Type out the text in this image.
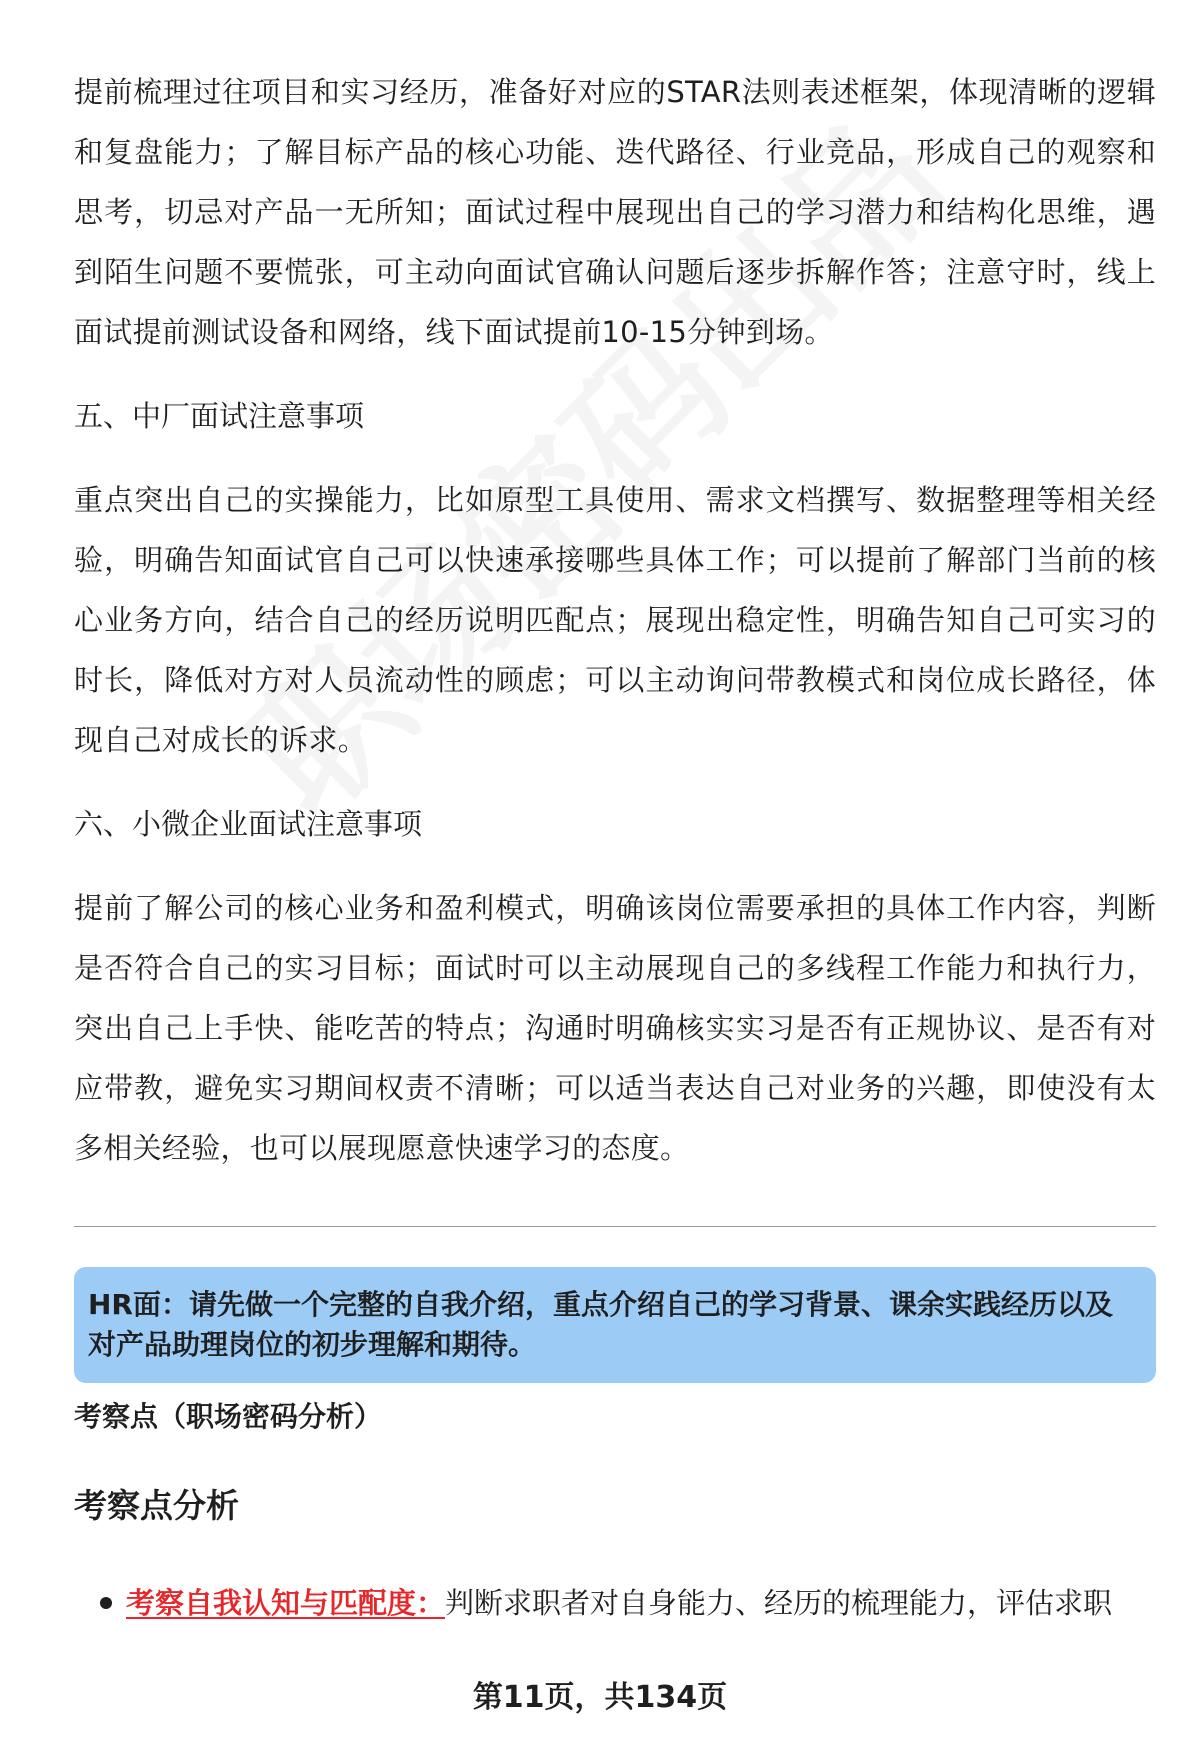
提前梳理过往项目和实习经历，准备好对应的STAR法则表述框架，体现清晰的逻辑和复盘能力；了解目标产品的核心功能、迭代路径、行业竞品，形成自己的观察和思考，切忌对产品一无所知；面试过程中展现出自己的学习潜力和结构化思维，遇到陌生问题不要慌张，可主动向面试官确认问题后逐步拆解作答；注意守时，线上面试提前测试设备和网络，线下面试提前10-15分钟到场。

五、中厂面试注意事项

重点突出自己的实操能力，比如原型工具使用、需求文档撰写、数据整理等相关经验，明确告知面试官自己可以快速承接哪些具体工作；可以提前了解部门当前的核心业务方向，结合自己的经历说明匹配点；展现出稳定性，明确告知自己可实习的时长，降低对方对人员流动性的顾虑；可以主动询问带教模式和岗位成长路径，体现自己对成长的诉求。

六、小微企业面试注意事项

提前了解公司的核心业务和盈利模式，明确该岗位需要承担的具体工作内容，判断是否符合自己的实习目标；面试时可以主动展现自己的多线程工作能力和执行力，突出自己上手快、能吃苦的特点；沟通时明确核实实习是否有正规协议、是否有对应带教，避免实习期间权责不清晰；可以适当表达自己对业务的兴趣，即使没有太多相关经验，也可以展现愿意快速学习的态度。

HR面：请先做一个完整的自我介绍，重点介绍自己的学习背景、课余实践经历以及对产品助理岗位的初步理解和期待。

考察点（职场密码分析）

考察点分析

考察自我认知与匹配度：判断求职者对自身能力、经历的梳理能力，评估求职
第11页，共134页
